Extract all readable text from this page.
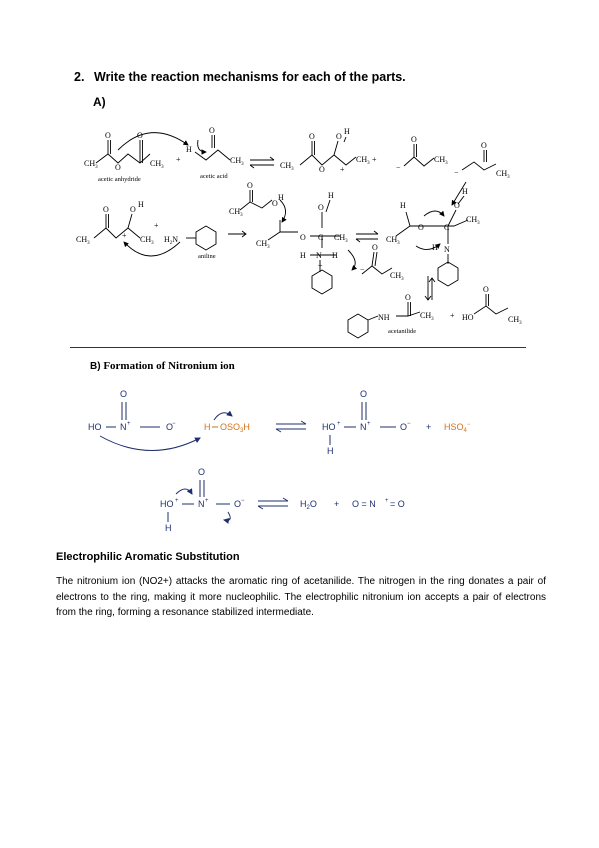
2. Write the reaction mechanisms for each of the parts.
A)
$CH_3$
O
O
O
$CH_3$
+
H
O
$CH_3$	$CH_3$
O
O
O
H
+
$CH_3$ +
−
O
$CH_3$
−
O
$CH_3$
acetic anhydride	acetic acid
$CH_3$
O	O
H
+ $CH_3$
+
$H_2N$
aniline
$CH_3$
O
O
H
$CH_3$
O C $CH_3$
O
H
H N H
+	−
O
$CH_3$
$CH_3$
H
O	C
O
H
$CH_3$
H N
NH
O
$CH_3$ + HO
O
$CH_3$
acetanilide
B) Formation of Nitronium ion
HO N +	O
−
O
H $OSO_3H$	HO +
H
N +	O −
O
+ $HSO_4^-$
HO +
H
N +
O
O −	$H_2O + O = N$ + = O
Electrophilic Aromatic Substitution
The nitronium ion (NO2+) attacks the aromatic ring of acetanilide. The nitrogen in the ring donates a pair of electrons to the ring, making it more nucleophilic. The electrophilic nitronium ion accepts a pair of electrons from the ring, forming a resonance stabilized intermediate.
